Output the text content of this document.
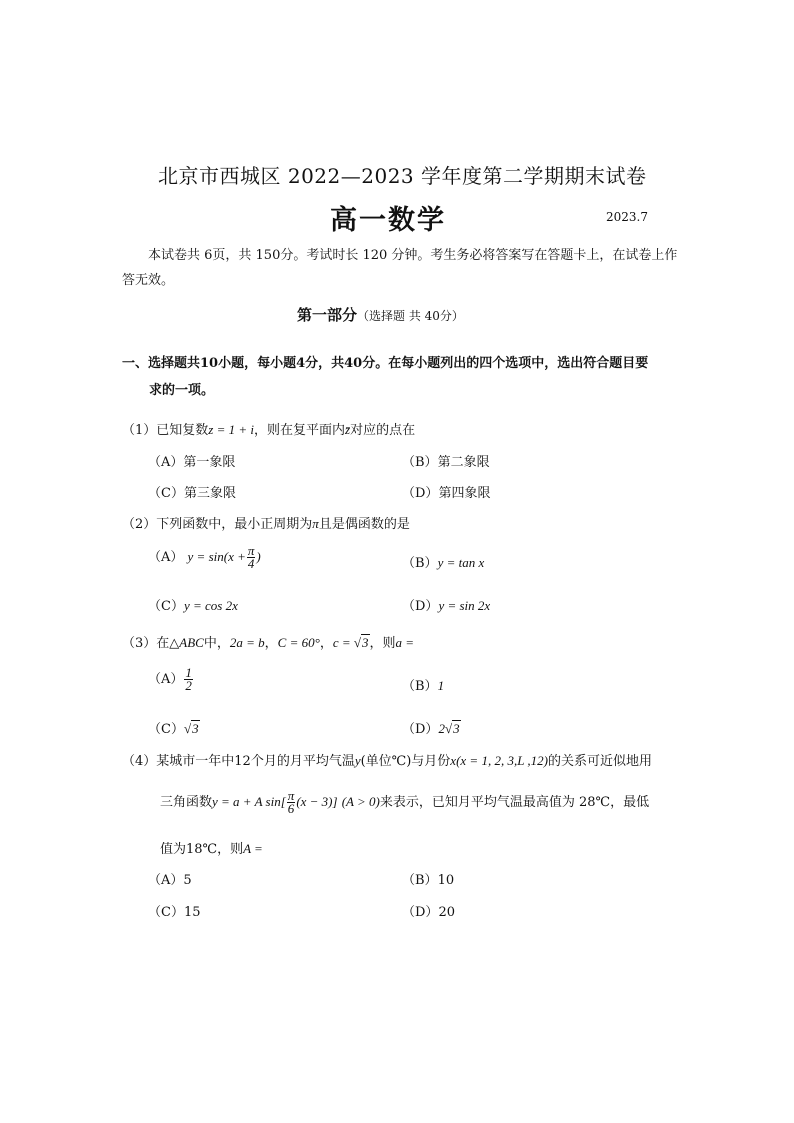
北京市西城区 2022—2023 学年度第二学期期末试卷
高一数学	2023.7
本试卷共 6页，共 150分。考试时长 120 分钟。考生务必将答案写在答题卡上，在试卷上作答无效。
第一部分（选择题 共 40分）
一、选择题共10小题，每小题4分，共40分。在每小题列出的四个选项中，选出符合题目要
求的一项。
（1）已知复数z = 1 + i，则在复平面内z̄对应的点在
（A）第一象限	（B）第二象限
（C）第三象限	（D）第四象限
（2）下列函数中，最小正周期为π且是偶函数的是
（A） $y = \sin(x + \frac{\pi}{4}$ )	（B）y = tan x
（C）y = cos 2x	（D）y = sin 2x
（3）在△ABC中，2a = b，C = 60°，c = √3，则a =
$(A) \frac{1}{2}$	（B）1
（C）√3	（D）2√3
（4）某城市一年中12个月的月平均气温y(单位℃)与月份x(x = 1, 2, 3,L ,12)的关系可近似地用
三角函数y = a + A $\sin[ \frac{\pi}{6} (x - 3)]$ (A > 0)来表示，已知月平均气温最高值为 28℃，最低
值为18℃，则A =
（A）5	（B）10
（C）15	（D）20
